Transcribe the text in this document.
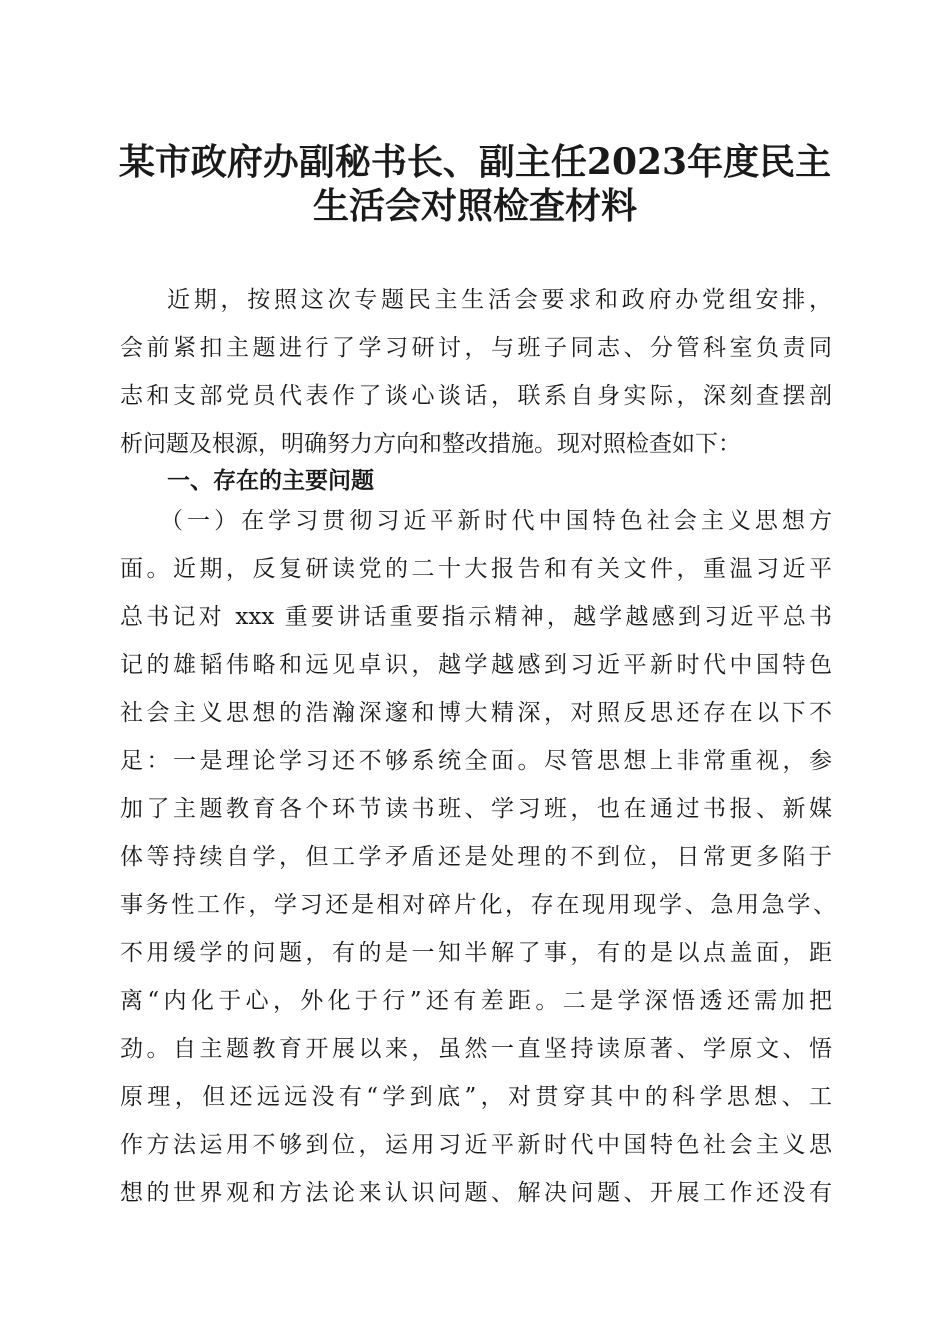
某市政府办副秘书长、副主任2023年度民主
生活会对照检查材料

近期，按照这次专题民主生活会要求和政府办党组安排，

会前紧扣主题进行了学习研讨，与班子同志、分管科室负责同

志和支部党员代表作了谈心谈话，联系自身实际，深刻查摆剖

析问题及根源，明确努力方向和整改措施。现对照检查如下：

一、存在的主要问题

（一）在学习贯彻习近平新时代中国特色社会主义思想方

面。近期，反复研读党的二十大报告和有关文件，重温习近平

总书记对 xxx 重要讲话重要指示精神，越学越感到习近平总书

记的雄韬伟略和远见卓识，越学越感到习近平新时代中国特色

社会主义思想的浩瀚深邃和博大精深，对照反思还存在以下不

足：一是理论学习还不够系统全面。尽管思想上非常重视，参

加了主题教育各个环节读书班、学习班，也在通过书报、新媒

体等持续自学，但工学矛盾还是处理的不到位，日常更多陷于

事务性工作，学习还是相对碎片化，存在现用现学、急用急学、

不用缓学的问题，有的是一知半解了事，有的是以点盖面，距

离“内化于心，外化于行”还有差距。二是学深悟透还需加把

劲。自主题教育开展以来，虽然一直坚持读原著、学原文、悟

原理，但还远远没有“学到底”，对贯穿其中的科学思想、工

作方法运用不够到位，运用习近平新时代中国特色社会主义思

想的世界观和方法论来认识问题、解决问题、开展工作还没有
